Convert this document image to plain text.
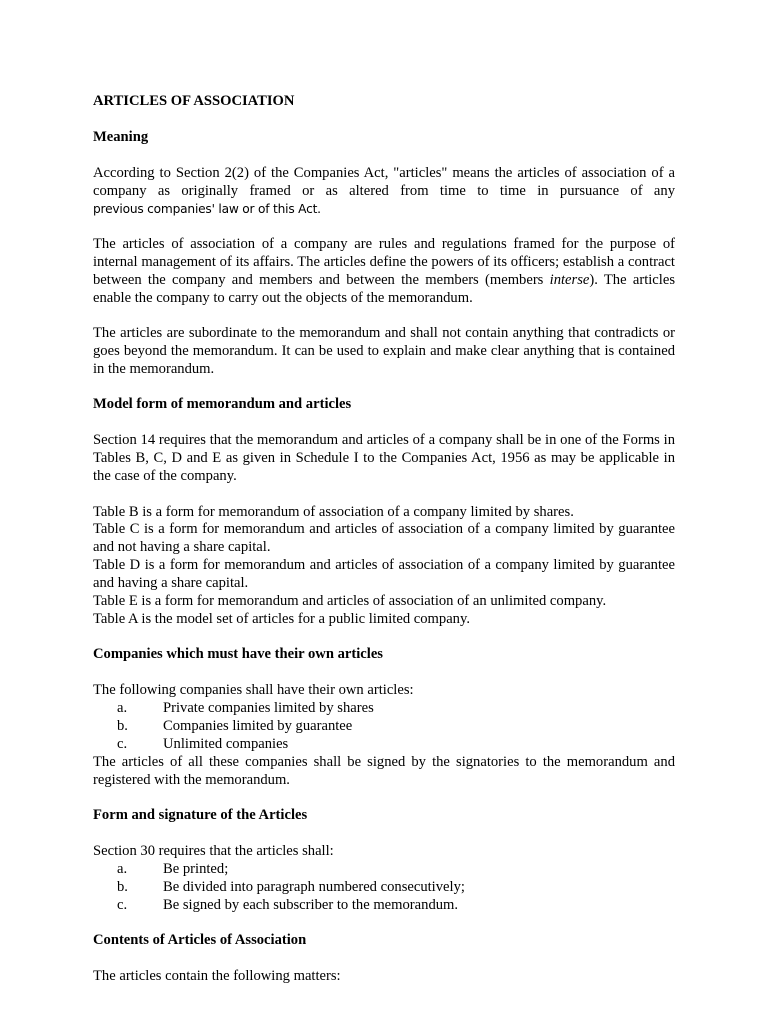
ARTICLES OF ASSOCIATION

Meaning

According to Section 2(2) of the Companies Act, "articles" means the articles of association of a company as originally framed or as altered from time to time in pursuance of any

previous companies' law or of this Act.

The articles of association of a company are rules and regulations framed for the purpose of internal management of its affairs. The articles define the powers of its officers; establish a contract between the company and members and between the members (members interse). The articles enable the company to carry out the objects of the memorandum.

The articles are subordinate to the memorandum and shall not contain anything that contradicts or goes beyond the memorandum. It can be used to explain and make clear anything that is contained in the memorandum.

Model form of memorandum and articles

Section 14 requires that the memorandum and articles of a company shall be in one of the Forms in Tables B, C, D and E as given in Schedule I to the Companies Act, 1956 as may be applicable in the case of the company.

Table B is a form for memorandum of association of a company limited by shares.

Table C is a form for memorandum and articles of association of a company limited by guarantee and not having a share capital.

Table D is a form for memorandum and articles of association of a company limited by guarantee and having a share capital.

Table E is a form for memorandum and articles of association of an unlimited company.

Table A is the model set of articles for a public limited company.

Companies which must have their own articles

The following companies shall have their own articles:

a.	Private companies limited by shares
b.	Companies limited by guarantee
c.	Unlimited companies

The articles of all these companies shall be signed by the signatories to the memorandum and registered with the memorandum.

Form and signature of the Articles

Section 30 requires that the articles shall:

a.	Be printed;
b.	Be divided into paragraph numbered consecutively;
c.	Be signed by each subscriber to the memorandum.

Contents of Articles of Association

The articles contain the following matters:
